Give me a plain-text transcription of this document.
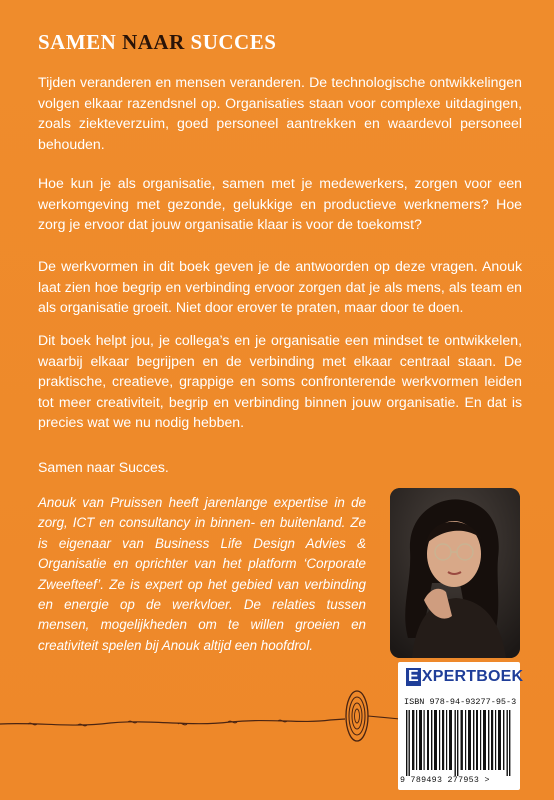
SAMEN NAAR SUCCES
Tijden veranderen en mensen veranderen. De technologische ontwikkelingen volgen elkaar razendsnel op. Organisaties staan voor complexe uitdagingen, zoals ziekteverzuim, goed personeel aantrekken en waardevol personeel behouden.
Hoe kun je als organisatie, samen met je medewerkers, zorgen voor een werkomgeving met gezonde, gelukkige en productieve werknemers? Hoe zorg je ervoor dat jouw organisatie klaar is voor de toekomst?
De werkvormen in dit boek geven je de antwoorden op deze vragen. Anouk laat zien hoe begrip en verbinding ervoor zorgen dat je als mens, als team en als organisatie groeit. Niet door erover te praten, maar door te doen.
Dit boek helpt jou, je collega’s en je organisatie een mindset te ontwikkelen, waarbij elkaar begrijpen en de verbinding met elkaar centraal staan. De praktische, creatieve, grappige en soms confronterende werkvormen leiden tot meer creativiteit, begrip en verbinding binnen jouw organisatie. En dat is precies wat we nu nodig hebben.
Samen naar Succes.
Anouk van Pruissen heeft jarenlange expertise in de zorg, ICT en consultancy in binnen- en buitenland. Ze is eigenaar van Business Life Design Advies & Organisatie en oprichter van het platform ‘Corporate Zweefteef’. Ze is expert op het gebied van verbinding en energie op de werkvloer. De relaties tussen mensen, mogelijkheden om te willen groeien en creativiteit spelen bij Anouk altijd een hoofdrol.
E XPERTBOEK
ISBN 978-94-93277-95-3
9 789493 277953 >
